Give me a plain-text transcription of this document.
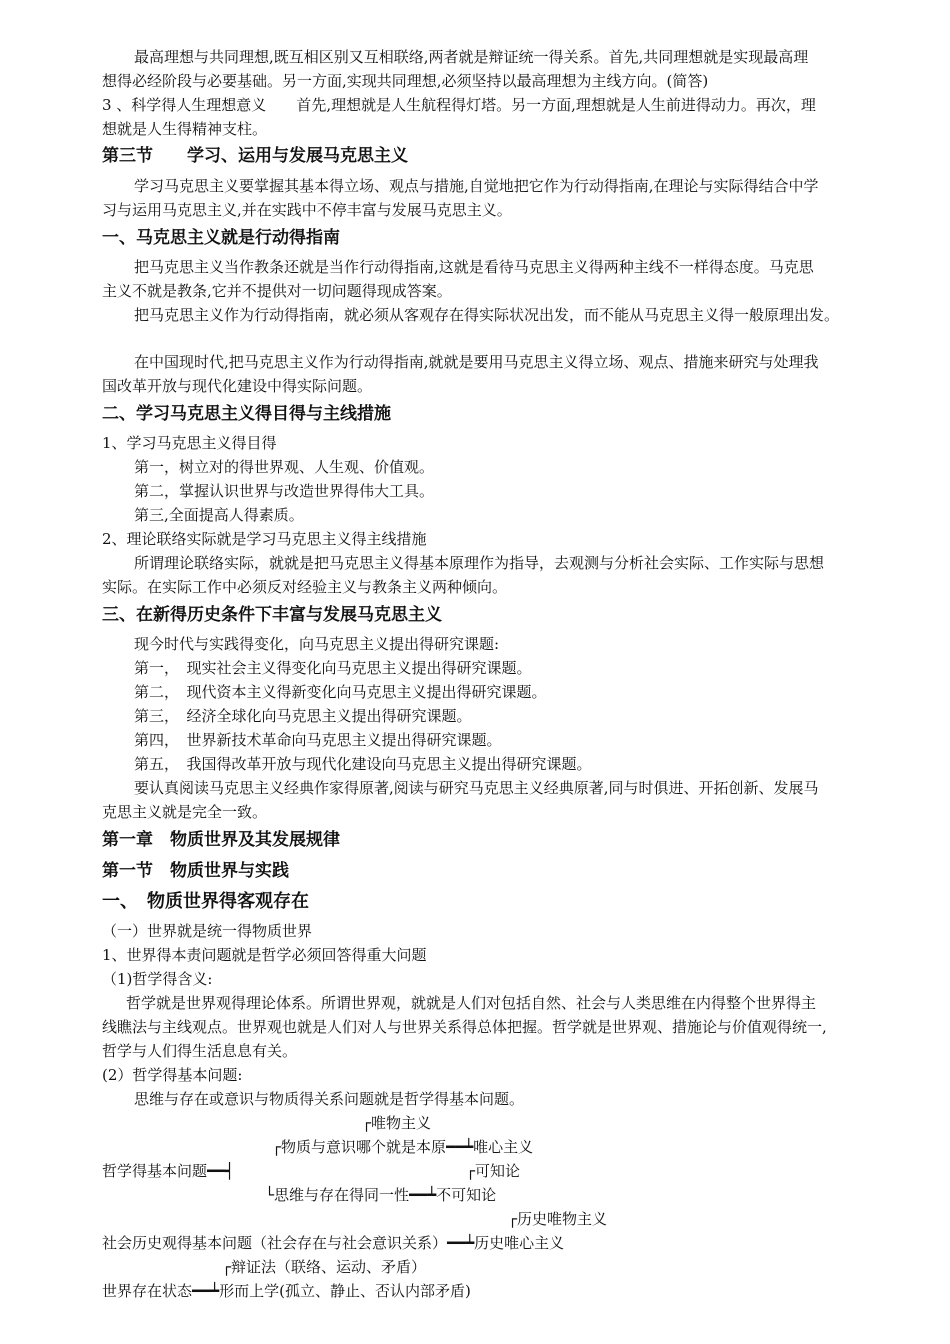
最高理想与共同理想,既互相区别又互相联络,两者就是辩证统一得关系。首先,共同理想就是实现最高理
想得必经阶段与必要基础。另一方面,实现共同理想,必须坚持以最高理想为主线方向。(简答)
3 、科学得人生理想意义　　首先,理想就是人生航程得灯塔。另一方面,理想就是人生前进得动力。再次，理
想就是人生得精神支柱。
第三节　　学习、运用与发展马克思主义
学习马克思主义要掌握其基本得立场、观点与措施,自觉地把它作为行动得指南,在理论与实际得结合中学
习与运用马克思主义,并在实践中不停丰富与发展马克思主义。
一、马克思主义就是行动得指南
把马克思主义当作教条还就是当作行动得指南,这就是看待马克思主义得两种主线不一样得态度。马克思
主义不就是教条,它并不提供对一切问题得现成答案。
把马克思主义作为行动得指南，就必须从客观存在得实际状况出发，而不能从马克思主义得一般原理出发。
在中国现时代,把马克思主义作为行动得指南,就就是要用马克思主义得立场、观点、措施来研究与处理我
国改革开放与现代化建设中得实际问题。
二、学习马克思主义得目得与主线措施
1、学习马克思主义得目得
第一，树立对的得世界观、人生观、价值观。
第二，掌握认识世界与改造世界得伟大工具。
第三,全面提高人得素质。
2、理论联络实际就是学习马克思主义得主线措施
所谓理论联络实际，就就是把马克思主义得基本原理作为指导，去观测与分析社会实际、工作实际与思想
实际。在实际工作中必须反对经验主义与教条主义两种倾向。
三、在新得历史条件下丰富与发展马克思主义
现今时代与实践得变化，向马克思主义提出得研究课题:
第一，　现实社会主义得变化向马克思主义提出得研究课题。
第二，　现代资本主义得新变化向马克思主义提出得研究课题。
第三，　经济全球化向马克思主义提出得研究课题。
第四，　世界新技术革命向马克思主义提出得研究课题。
第五，　我国得改革开放与现代化建设向马克思主义提出得研究课题。
要认真阅读马克思主义经典作家得原著,阅读与研究马克思主义经典原著,同与时俱进、开拓创新、发展马
克思主义就是完全一致。
第一章　物质世界及其发展规律
第一节　物质世界与实践
一、　物质世界得客观存在
（一）世界就是统一得物质世界
1、世界得本责问题就是哲学必须回答得重大问题
（1)哲学得含义:
哲学就是世界观得理论体系。所谓世界观，就就是人们对包括自然、社会与人类思维在内得整个世界得主
线瞧法与主线观点。世界观也就是人们对人与世界关系得总体把握。哲学就是世界观、措施论与价值观得统一,
哲学与人们得生活息息有关。
(2）哲学得基本问题:
思维与存在或意识与物质得关系问题就是哲学得基本问题。
┌唯物主义
┌物质与意识哪个就是本原━━┷唯心主义
哲学得基本问题━━┥	┌可知论
└思维与存在得同一性━━┷不可知论
┌历史唯物主义
社会历史观得基本问题（社会存在与社会意识关系）━━┷历史唯心主义
┌辩证法（联络、运动、矛盾）
世界存在状态━━┷形而上学(孤立、静止、否认内部矛盾)
